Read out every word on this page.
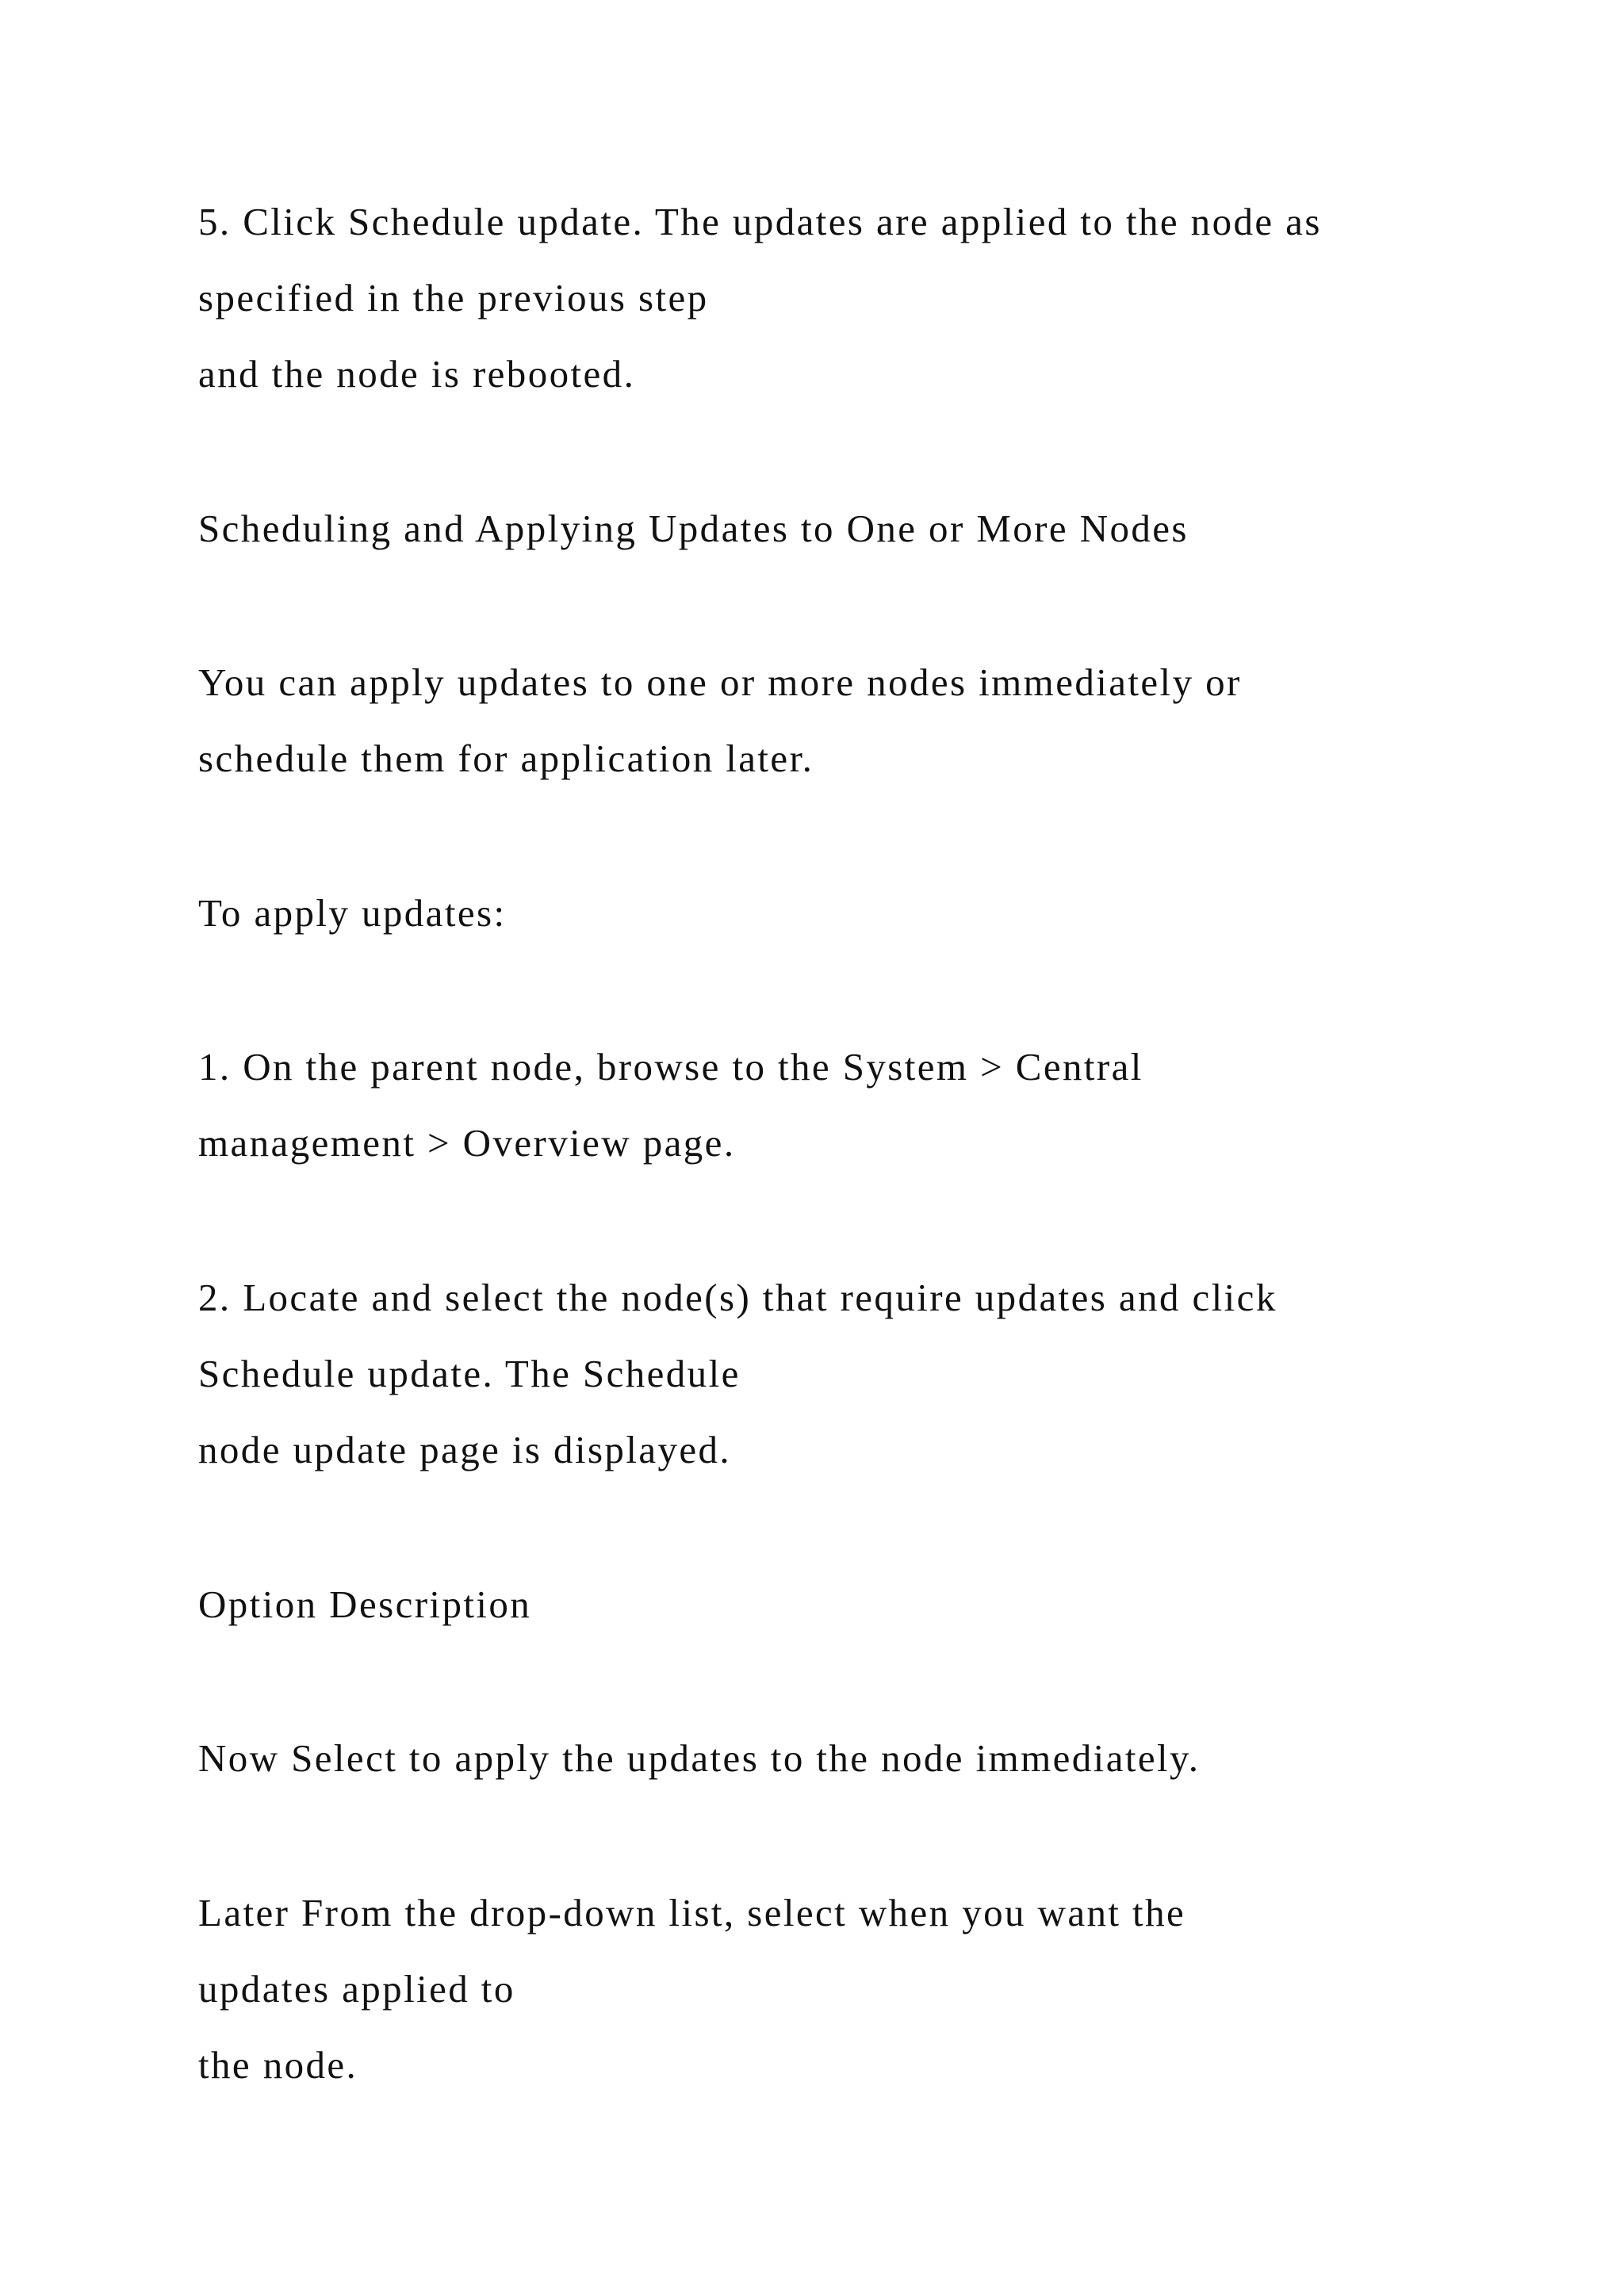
5. Click Schedule update. The updates are applied to the node as

specified in the previous step

and the node is rebooted.

Scheduling and Applying Updates to One or More Nodes

You can apply updates to one or more nodes immediately or

schedule them for application later.

To apply updates:

1. On the parent node, browse to the System > Central

management > Overview page.

2. Locate and select the node(s) that require updates and click

Schedule update. The Schedule

node update page is displayed.

Option Description

Now Select to apply the updates to the node immediately.

Later From the drop-down list, select when you want the

updates applied to

the node.
